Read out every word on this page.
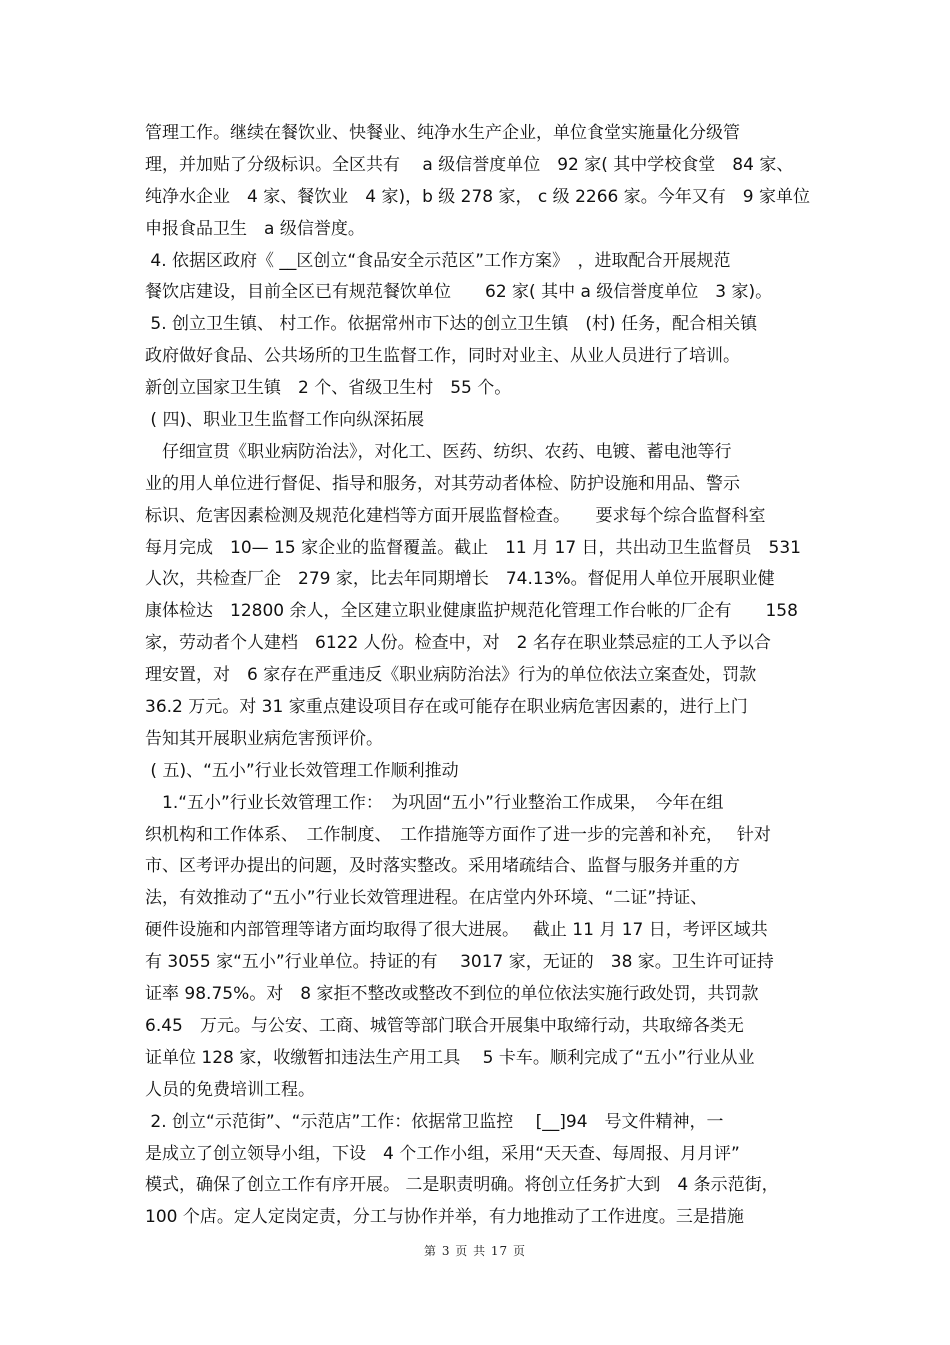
管理工作。继续在餐饮业、快餐业、纯净水生产企业，单位食堂实施量化分级管
理，并加贴了分级标识。全区共有　 a 级信誉度单位　92 家( 其中学校食堂　84 家、
纯净水企业　4 家、餐饮业　4 家)，b 级 278 家， c 级 2266 家。今年又有　9 家单位
申报食品卫生　a 级信誉度。
4. 依据区政府《 __区创立“食品安全示范区”工作方案》　，进取配合开展规范
餐饮店建设，目前全区已有规范餐饮单位　　62 家( 其中 a 级信誉度单位　3 家)。
5. 创立卫生镇、 村工作。依据常州市下达的创立卫生镇　(村) 任务，配合相关镇
政府做好食品、公共场所的卫生监督工作，同时对业主、从业人员进行了培训。
新创立国家卫生镇　2 个、省级卫生村　55 个。
( 四)、职业卫生监督工作向纵深拓展
　仔细宣贯《职业病防治法》，对化工、医药、纺织、农药、电镀、蓄电池等行
业的用人单位进行督促、指导和服务，对其劳动者体检、防护设施和用品、警示
标识、危害因素检测及规范化建档等方面开展监督检查。　　要求每个综合监督科室
每月完成　10— 15 家企业的监督覆盖。截止　11 月 17 日，共出动卫生监督员　531
人次，共检查厂企　279 家，比去年同期增长　74.13%。督促用人单位开展职业健
康体检达　12800 余人，全区建立职业健康监护规范化管理工作台帐的厂企有　　158
家，劳动者个人建档　6122 人份。检查中，对　2 名存在职业禁忌症的工人予以合
理安置，对　6 家存在严重违反《职业病防治法》行为的单位依法立案查处，罚款
36.2 万元。对 31 家重点建设项目存在或可能存在职业病危害因素的，进行上门
告知其开展职业病危害预评价。
( 五)、“五小”行业长效管理工作顺利推动
　1.“五小”行业长效管理工作：　为巩固“五小”行业整治工作成果，　今年在组
织机构和工作体系、　工作制度、　工作措施等方面作了进一步的完善和补充，　 针对
市、区考评办提出的问题，及时落实整改。采用堵疏结合、监督与服务并重的方
法，有效推动了“五小”行业长效管理进程。在店堂内外环境、“二证”持证、
硬件设施和内部管理等诸方面均取得了很大进展。　 截止 11 月 17 日，考评区域共
有 3055 家“五小”行业单位。持证的有　 3017 家，无证的　38 家。卫生许可证持
证率 98.75%。对　8 家拒不整改或整改不到位的单位依法实施行政处罚，共罚款
6.45　万元。与公安、工商、城管等部门联合开展集中取缔行动，共取缔各类无
证单位 128 家，收缴暂扣违法生产用工具　 5 卡车。顺利完成了“五小”行业从业
人员的免费培训工程。
2. 创立“示范街”、“示范店”工作：依据常卫监控　 [__]94　号文件精神，一
是成立了创立领导小组，下设　4 个工作小组，采用“天天查、每周报、月月评”
模式，确保了创立工作有序开展。 二是职责明确。将创立任务扩大到　4 条示范街，
100 个店。定人定岗定责，分工与协作并举，有力地推动了工作进度。三是措施
第 3 页 共 17 页
